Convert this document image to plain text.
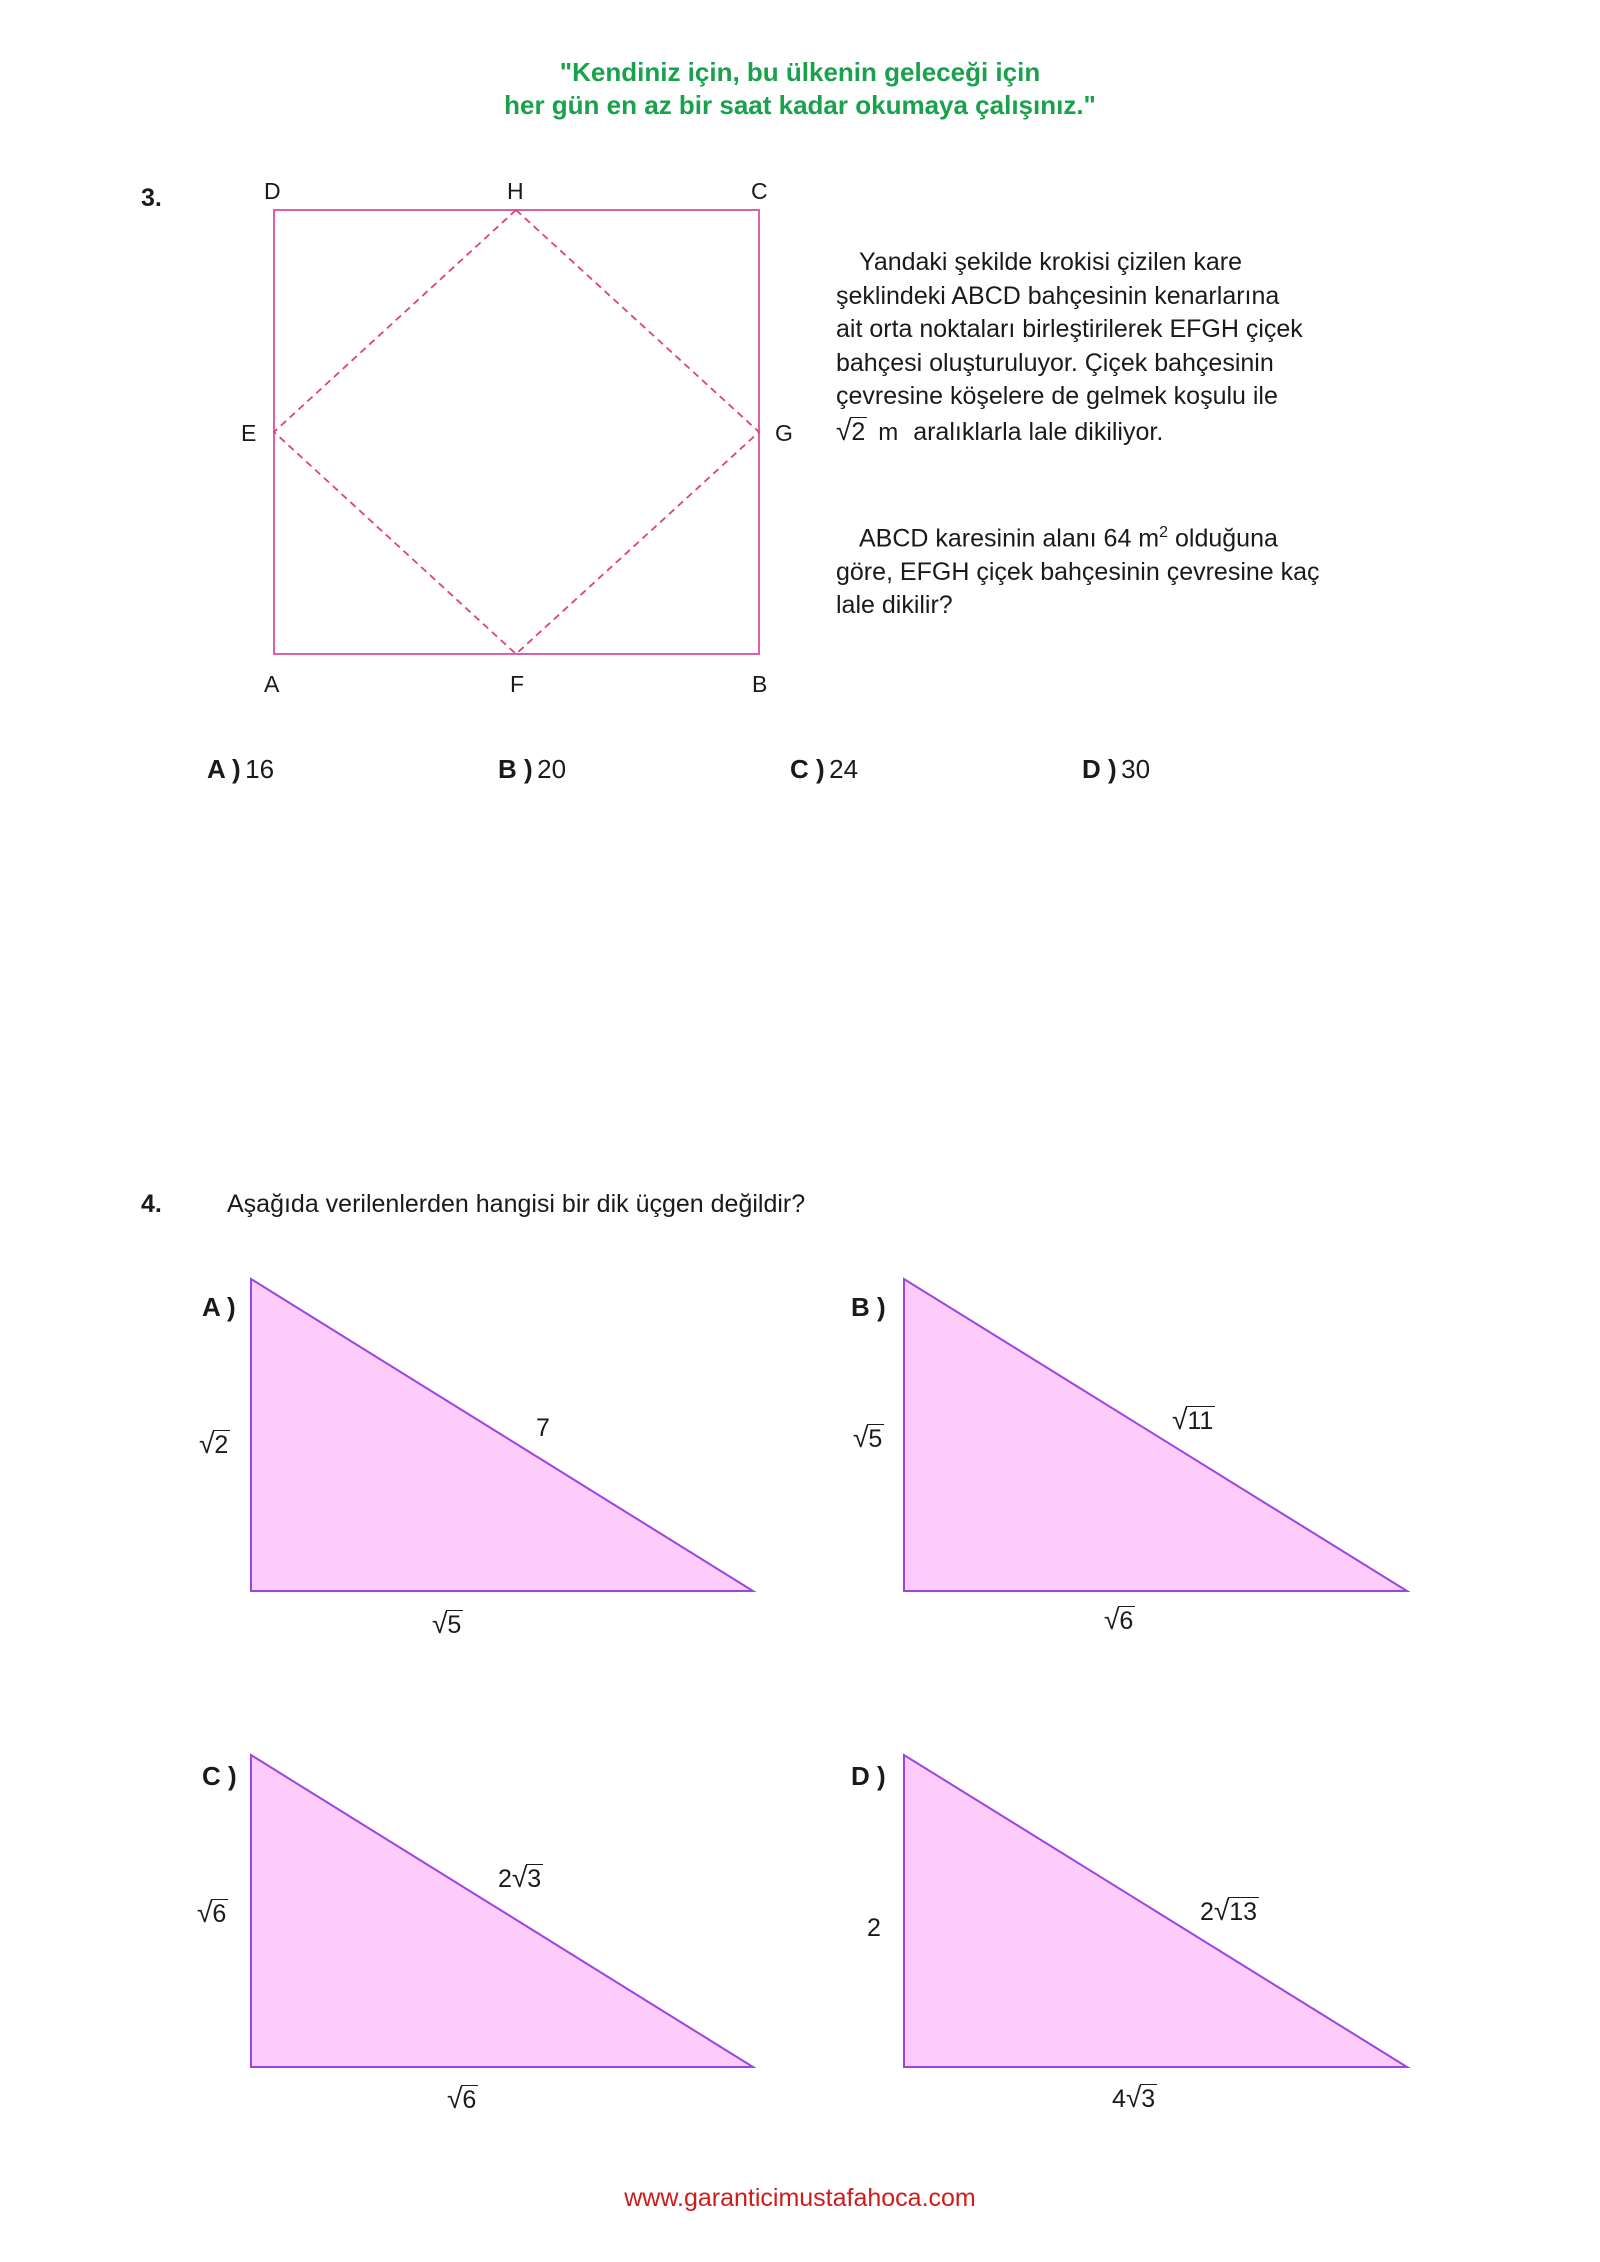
"Kendiniz için, bu ülkenin geleceği için
her gün en az bir saat kadar okumaya çalışınız."
3.	D	H	C
E	G
A	F	B
Yandaki şekilde krokisi çizilen kare
şeklindeki ABCD bahçesinin kenarlarına
ait orta noktaları birleştirilerek EFGH çiçek
bahçesi oluşturuluyor. Çiçek bahçesinin
çevresine köşelere de gelmek koşulu ile
√2 m aralıklarla lale dikiliyor.
ABCD karesinin alanı 64 $m^2$ olduğuna
göre, EFGH çiçek bahçesinin çevresine kaç
lale dikilir?
A ) 16	B ) 20	C ) 24	D ) 30
4.	Aşağıda verilenlerden hangisi bir dik üçgen değildir?
A )	B )
C )	D )
√2
7
√5
√5
√11
√6
√6
2√3
√6
2
2√13
4√3
www.garanticimustafahoca.com
